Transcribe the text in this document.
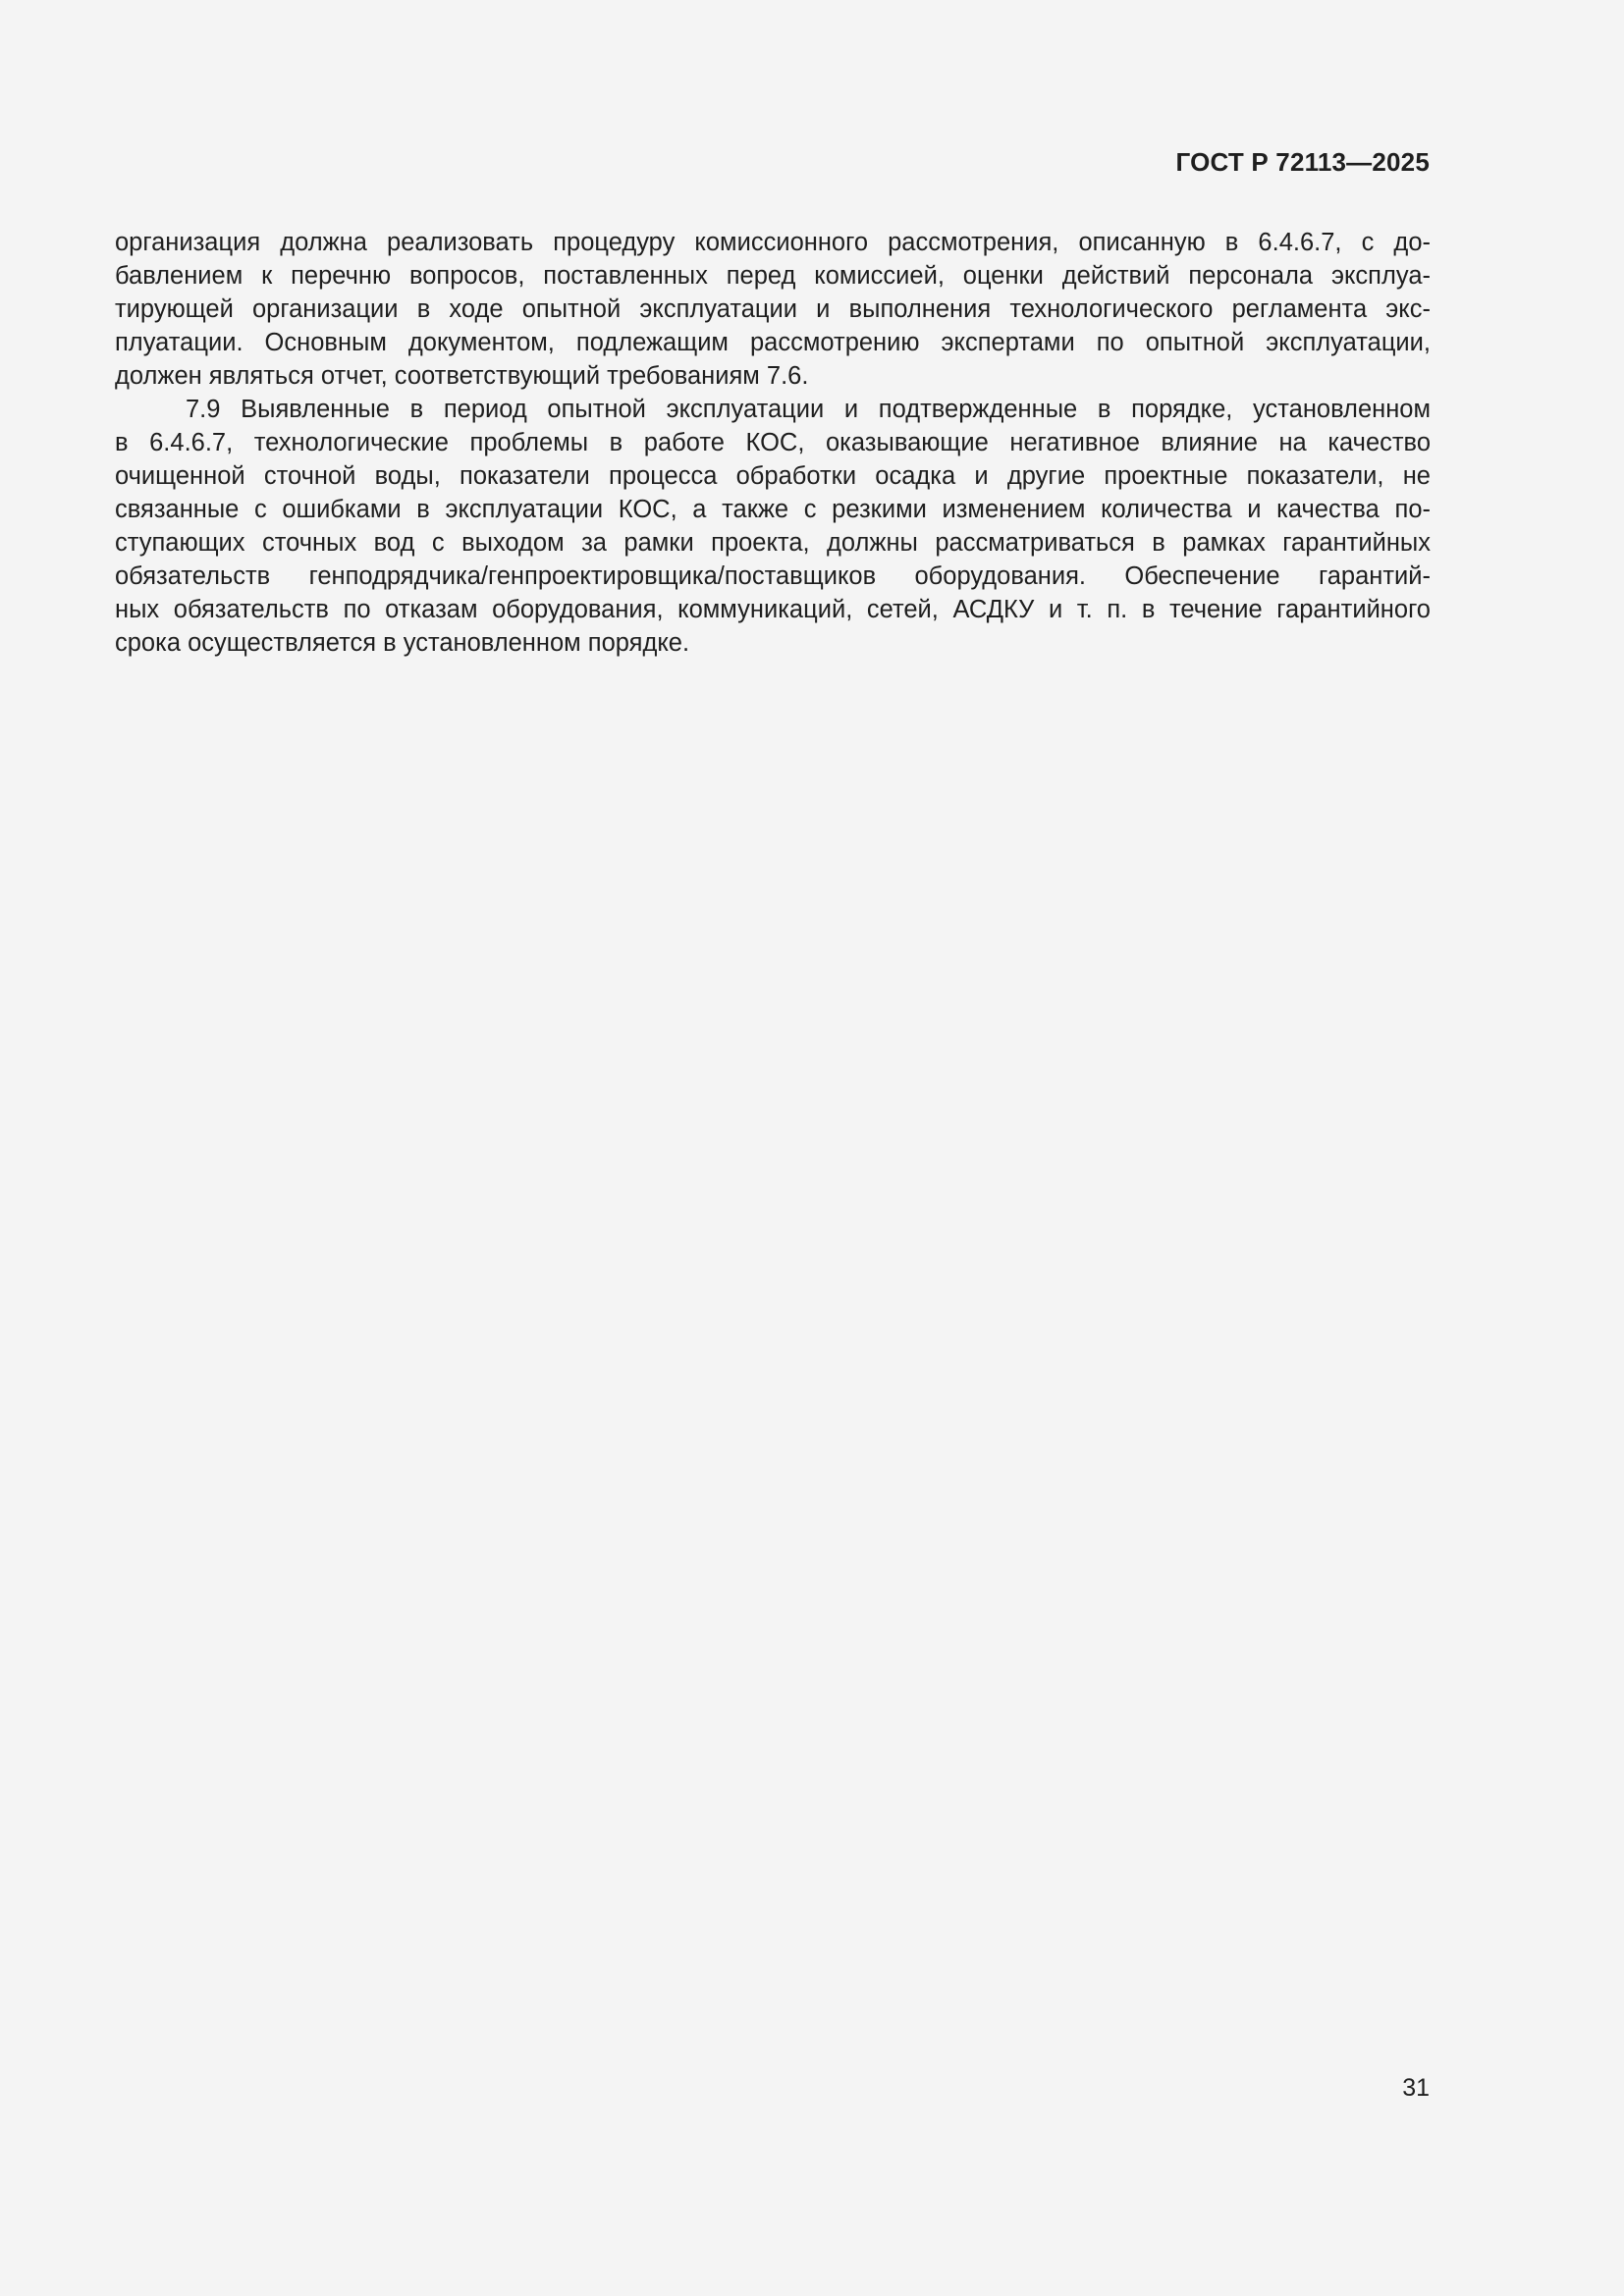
ГОСТ Р 72113—2025
организация должна реализовать процедуру комиссионного рассмотрения, описанную в 6.4.6.7, с до-
бавлением к перечню вопросов, поставленных перед комиссией, оценки действий персонала эксплуа-
тирующей организации в ходе опытной эксплуатации и выполнения технологического регламента экс-
плуатации. Основным документом, подлежащим рассмотрению экспертами по опытной эксплуатации,
должен являться отчет, соответствующий требованиям 7.6.
7.9 Выявленные в период опытной эксплуатации и подтвержденные в порядке, установленном
в 6.4.6.7, технологические проблемы в работе КОС, оказывающие негативное влияние на качество
очищенной сточной воды, показатели процесса обработки осадка и другие проектные показатели, не
связанные с ошибками в эксплуатации КОС, а также с резкими изменением количества и качества по-
ступающих сточных вод с выходом за рамки проекта, должны рассматриваться в рамках гарантийных
обязательств генподрядчика/генпроектировщика/поставщиков оборудования. Обеспечение гарантий-
ных обязательств по отказам оборудования, коммуникаций, сетей, АСДКУ и т. п. в течение гарантийного
срока осуществляется в установленном порядке.
31
